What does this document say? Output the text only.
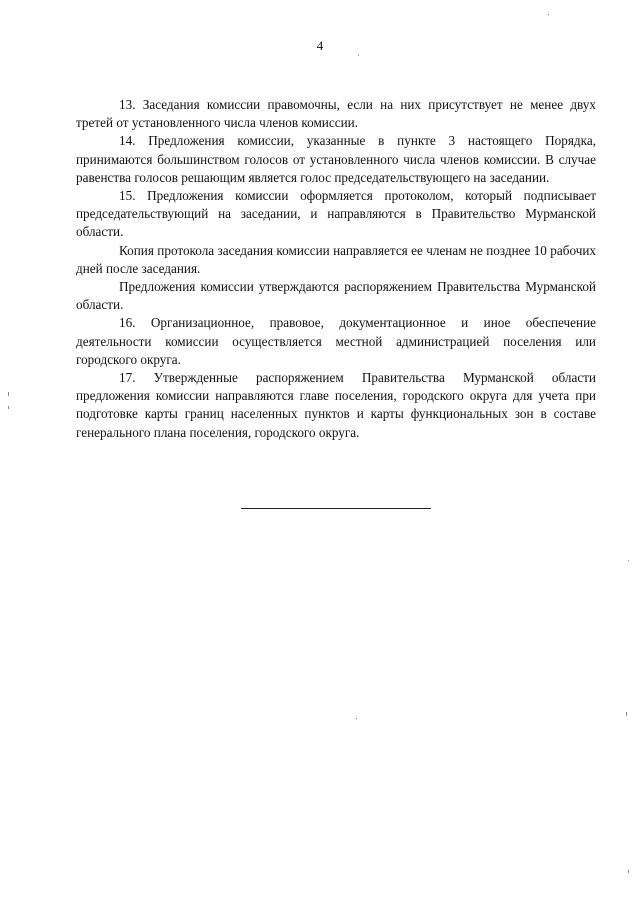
4

13. Заседания комиссии правомочны, если на них присутствует не менее двух третей от установленного числа членов комиссии.

14. Предложения комиссии, указанные в пункте 3 настоящего Порядка, принимаются большинством голосов от установленного числа членов комиссии. В случае равенства голосов решающим является голос председательствующего на заседании.

15. Предложения комиссии оформляется протоколом, который подписывает председательствующий на заседании, и направляются в Правительство Мурманской области.

Копия протокола заседания комиссии направляется ее членам не позднее 10 рабочих дней после заседания.

Предложения комиссии утверждаются распоряжением Правительства Мурманской области.

16. Организационное, правовое, документационное и иное обеспечение деятельности комиссии осуществляется местной администрацией поселения или городского округа.

17. Утвержденные распоряжением Правительства Мурманской области предложения комиссии направляются главе поселения, городского округа для учета при подготовке карты границ населенных пунктов и карты функциональных зон в составе генерального плана поселения, городского округа.
